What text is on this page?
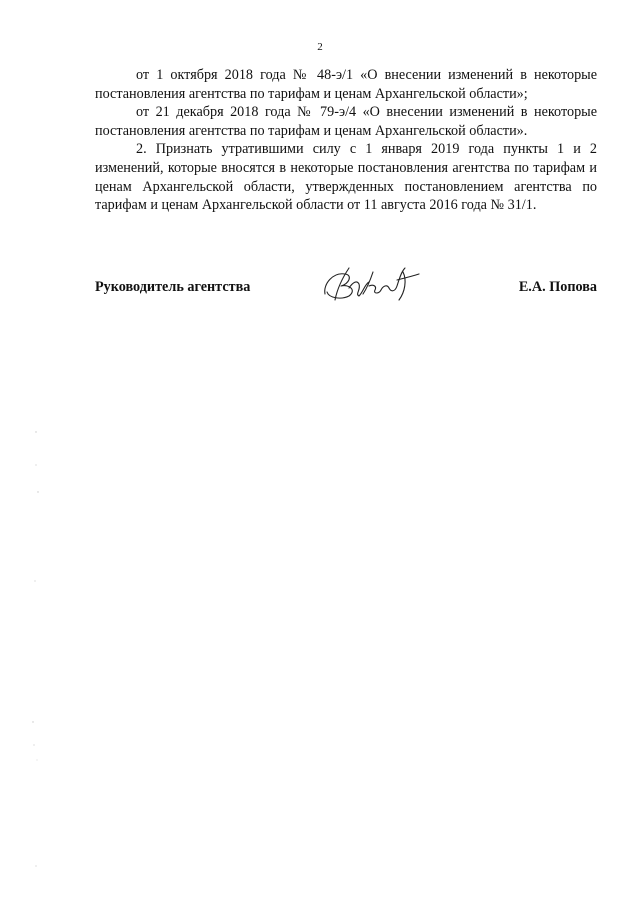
2

от 1 октября 2018 года № 48-э/1 «О внесении изменений в некоторые постановления агентства по тарифам и ценам Архангельской области»;

от 21 декабря 2018 года № 79-э/4 «О внесении изменений в некоторые постановления агентства по тарифам и ценам Архангельской области».

2. Признать утратившими силу с 1 января 2019 года пункты 1 и 2 изменений, которые вносятся в некоторые постановления агентства по тарифам и ценам Архангельской области, утвержденных постановлением агентства по тарифам и ценам Архангельской области от 11 августа 2016 года № 31/1.

Руководитель агентства	Е.А. Попова
